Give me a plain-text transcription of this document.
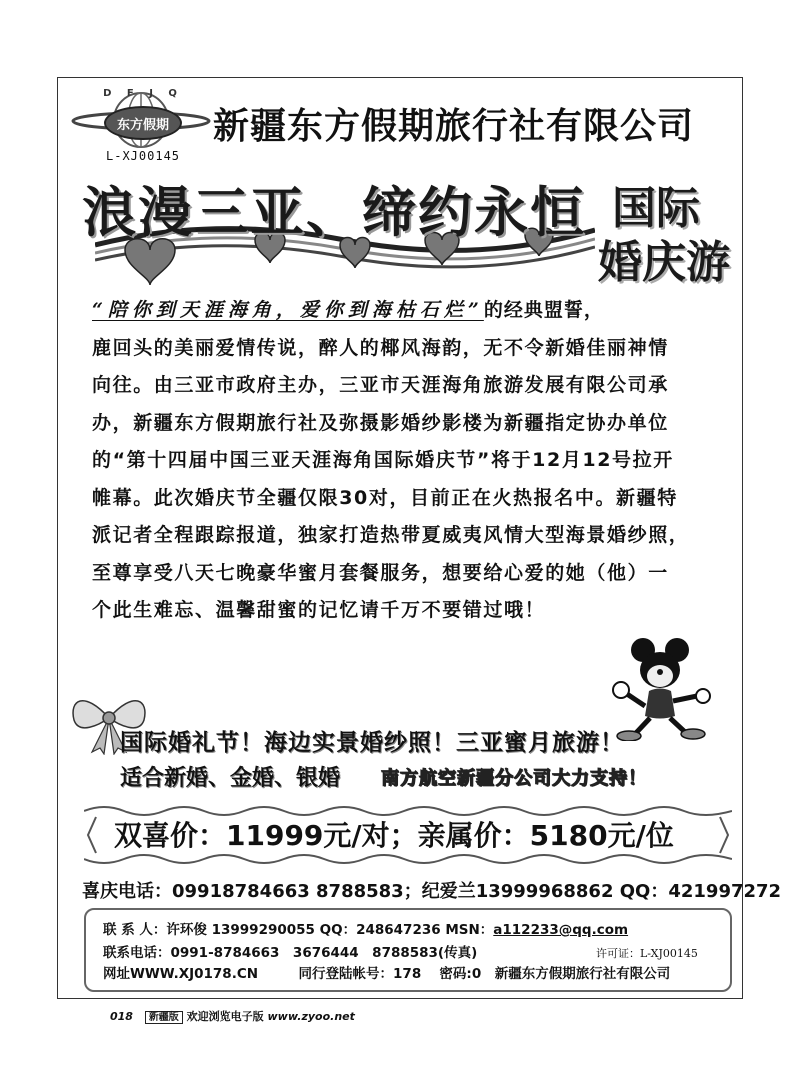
D F J Q
东方假期
L-XJ00145
新疆东方假期旅行社有限公司
浪漫三亚、缔约永恒 国际
婚庆游
“陪你到天涯海角，爱你到海枯石烂”的经典盟誓，
鹿回头的美丽爱情传说，醉人的椰风海韵，无不令新婚佳丽神情
向往。由三亚市政府主办，三亚市天涯海角旅游发展有限公司承
办，新疆东方假期旅行社及弥摄影婚纱影楼为新疆指定协办单位
的“第十四届中国三亚天涯海角国际婚庆节”将于12月12号拉开
帷幕。此次婚庆节全疆仅限30对，目前正在火热报名中。新疆特
派记者全程跟踪报道，独家打造热带夏威夷风情大型海景婚纱照，
至尊享受八天七晚豪华蜜月套餐服务，想要给心爱的她（他）一
个此生难忘、温馨甜蜜的记忆请千万不要错过哦！
国际婚礼节！海边实景婚纱照！三亚蜜月旅游！
适合新婚、金婚、银婚 南方航空新疆分公司大力支持！
双喜价：11999元/对；亲属价：5180元/位
喜庆电话：09918784663 8788583；纪爱兰13999968862 QQ：421997272
联 系 人：许环俊 13999290055 QQ：248647236 MSN：a112233@qq.com
联系电话：0991-8784663　3676444　8788583(传真)	许可证：L-XJ00145
网址WWW.XJ0178.CN　　　同行登陆帐号：178　 密码:0　新疆东方假期旅行社有限公司
018 新疆版 欢迎浏览电子版 www.zyoo.net
